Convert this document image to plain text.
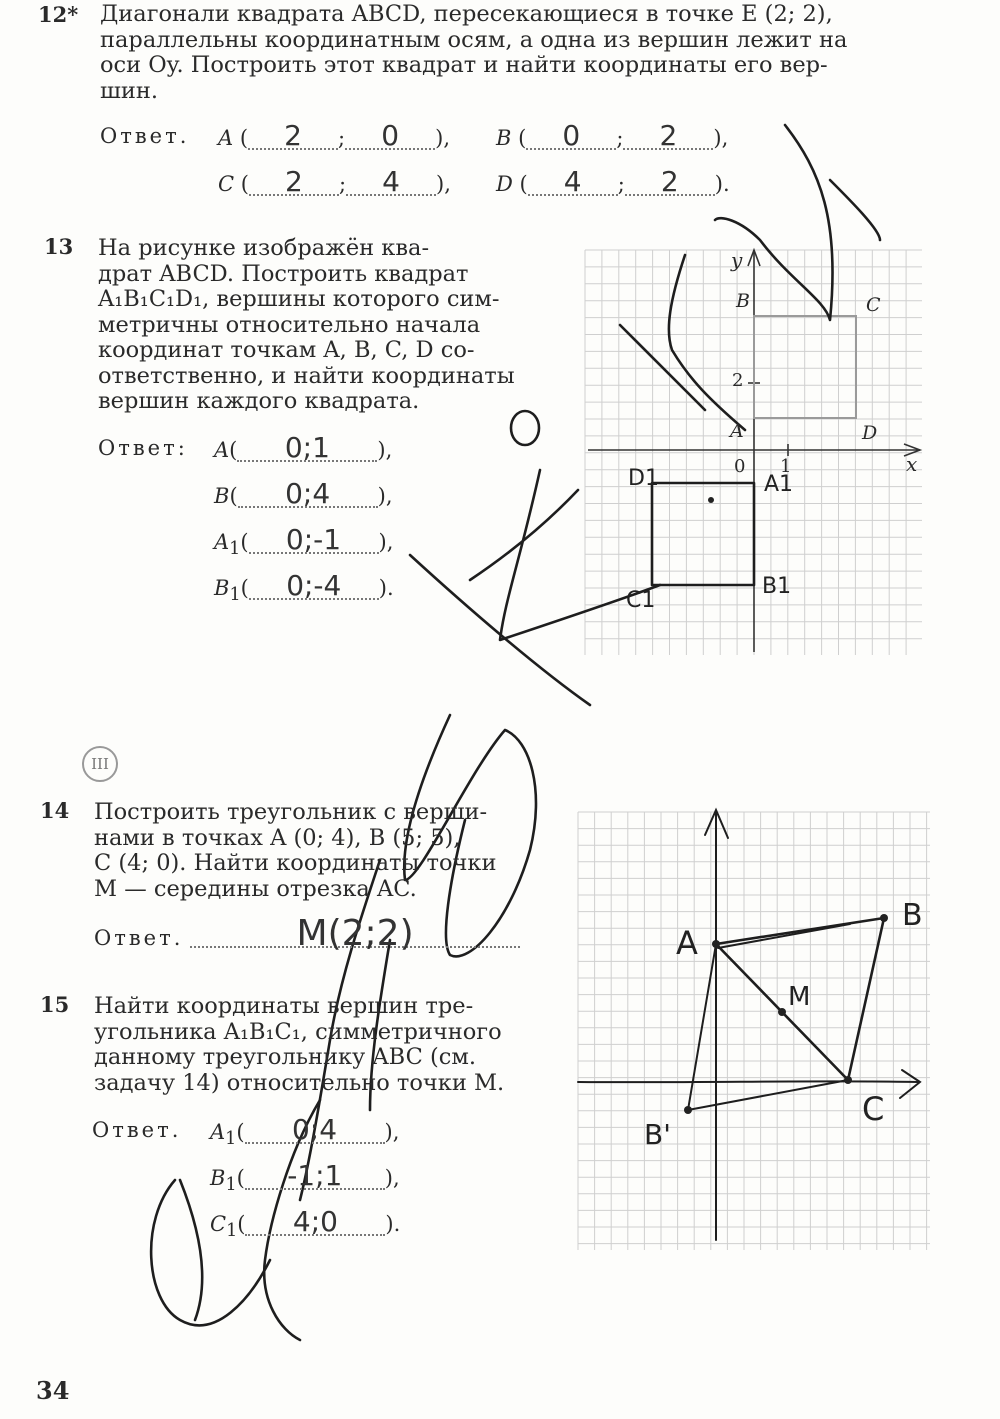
12* Диагонали квадрата ABCD, пересекающиеся в точке E (2; 2),
параллельны координатным осям, а одна из вершин лежит на
оси Oy. Построить этот квадрат и найти координаты его вер-
шин.
Ответ. A ( 2 ; 0 ), B ( 0 ; 2 ),
C ( 2 ; 4 ), D ( 4 ; 2 ).
13 На рисунке изображён ква-
драт ABCD. Построить квадрат
A₁B₁C₁D₁, вершины которого сим-
метричны относительно начала
координат точкам A, B, C, D со-
ответственно, и найти координаты
вершин каждого квадрата.
Ответ: A( 0;1 ),
B( 0;4 ),
$A_1$( 0;-1 ),
$B_1$( 0;-4 ).
y
x
0 1
2
B	C
A	D
D1	A1
C1
B1
III
14 Построить треугольник с верши-
нами в точках A (0; 4), B (5; 5),
C (4; 0). Найти координаты точки
M — середины отрезка AC.
Ответ.	M(2;2)	A
B
M
C
B'
15 Найти координаты вершин тре-
угольника A₁B₁C₁, симметричного
данному треугольнику ABC (см.
задачу 14) относительно точки M.
Ответ. $A_1$( 0;4 ),
$B_1$( -1;1 ),
$C_1$( 4;0 ).
34
